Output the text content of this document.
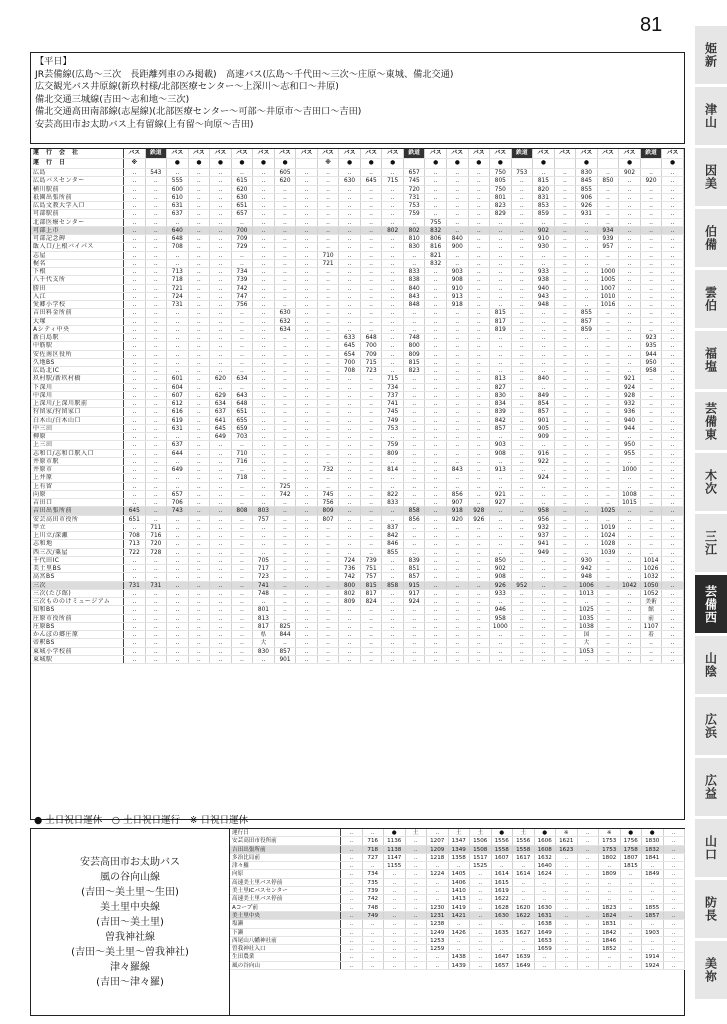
81
【平日】
JR芸備線(広島～三次　長距離列車のみ掲載)　高速バス(広島～千代田～三次～庄原～東城、備北交通)
広交観光バス井原線(新玖村様/北部医療センター～上深川～志和口～井原)
備北交通三城線(吉田～志和地～三次)
備北交通高田南部線(志屋線)(北部医療センター～可部～井原市～吉田口～吉田)
安芸高田市お太助バス上有留線(上有留～向原～吉田)
姫新
津山
因美
伯備
雲伯
福塩
芸備東
木次
三江
芸備西
山陰
広浜
広益
山口
防長
美祢
運　行　会　社	バス	鉄道	バス	バス	バス	バス	バス	バス	バス	バス	バス	バス	バス	鉄道	バス	バス	バス	バス	鉄道	バス	バス	バス	バス	バス	鉄道	バス
運　行　日	※	●	●	●	●	●	●	※	●	●	●	●	●	●	●	●	●	●	●
広島	‥	543	‥	‥	‥	‥	‥	605	‥	‥	‥	‥	‥	657	‥	‥	‥	750	753	‥	‥	830	‥	902	‥	‥
広島バスセンター	‥	‥	555	‥	‥	615	‥	620	‥	‥	630	645	715	745	‥	‥	‥	805	‥	815	‥	845	850	‥	920	‥
横川駅前	‥	‥	600	‥	‥	620	‥	‥	‥	‥	‥	‥	‥	720	‥	‥	‥	750	‥	820	‥	855	‥	‥	‥	‥
祇園出張所前	‥	‥	610	‥	‥	630	‥	‥	‥	‥	‥	‥	‥	731	‥	‥	‥	801	‥	831	‥	906	‥	‥	‥	‥
広島文教大学入口	‥	‥	631	‥	‥	651	‥	‥	‥	‥	‥	‥	‥	753	‥	‥	‥	823	‥	853	‥	926	‥	‥	‥	‥
可部駅前	‥	‥	637	‥	‥	657	‥	‥	‥	‥	‥	‥	‥	759	‥	‥	‥	829	‥	859	‥	931	‥	‥	‥	‥
北部医療センター	‥	‥	‥	‥	‥	‥	‥	‥	‥	‥	‥	‥	‥	‥	755	‥	‥	‥	‥	‥	‥	‥	‥	‥	‥	‥
可部上市	‥	‥	640	‥	‥	700	‥	‥	‥	‥	‥	‥	802	802	832	‥	‥	‥	‥	902	‥	‥	934	‥	‥	‥
可部記念碑	‥	‥	648	‥	‥	709	‥	‥	‥	‥	‥	‥	‥	810	806	840	‥	‥	‥	910	‥	‥	939	‥	‥	‥
飯入口/上根バイパス	‥	‥	708	‥	‥	729	‥	‥	‥	‥	‥	‥	‥	830	816	900	‥	‥	‥	930	‥	‥	957	‥	‥	‥
志屋	‥	‥	‥	‥	‥	‥	‥	‥	‥	710	‥	‥	‥	‥	821	‥	‥	‥	‥	‥	‥	‥	‥	‥	‥	‥
梶名	‥	‥	‥	‥	‥	‥	‥	‥	‥	721	‥	‥	‥	‥	832	‥	‥	‥	‥	‥	‥	‥	‥	‥	‥	‥
下根	‥	‥	713	‥	‥	734	‥	‥	‥	‥	‥	‥	‥	833	‥	903	‥	‥	‥	933	‥	‥	1000	‥	‥	‥
八千代支所	‥	‥	718	‥	‥	739	‥	‥	‥	‥	‥	‥	‥	838	‥	908	‥	‥	‥	938	‥	‥	1005	‥	‥	‥
勝田	‥	‥	721	‥	‥	742	‥	‥	‥	‥	‥	‥	‥	840	‥	910	‥	‥	‥	940	‥	‥	1007	‥	‥	‥
入江	‥	‥	724	‥	‥	747	‥	‥	‥	‥	‥	‥	‥	843	‥	913	‥	‥	‥	943	‥	‥	1010	‥	‥	‥
愛郷小学校	‥	‥	731	‥	‥	756	‥	‥	‥	‥	‥	‥	‥	848	‥	918	‥	‥	‥	948	‥	‥	1016	‥	‥	‥
吉田料金所前	‥	‥	‥	‥	‥	‥	‥	630	‥	‥	‥	‥	‥	‥	‥	‥	‥	815	‥	‥	‥	855	‥	‥	‥	‥
大塚	‥	‥	‥	‥	‥	‥	‥	632	‥	‥	‥	‥	‥	‥	‥	‥	‥	817	‥	‥	‥	857	‥	‥	‥	‥
Aシティ中央	‥	‥	‥	‥	‥	‥	‥	634	‥	‥	‥	‥	‥	‥	‥	‥	‥	819	‥	‥	‥	859	‥	‥	‥	‥
新白島駅	‥	‥	‥	‥	‥	‥	‥	‥	‥	‥	633	648	‥	748	‥	‥	‥	‥	‥	‥	‥	‥	‥	‥	923	‥
中筋駅	‥	‥	‥	‥	‥	‥	‥	‥	‥	‥	645	700	‥	800	‥	‥	‥	‥	‥	‥	‥	‥	‥	‥	935	‥
安佐南区役所	‥	‥	‥	‥	‥	‥	‥	‥	‥	‥	654	709	‥	809	‥	‥	‥	‥	‥	‥	‥	‥	‥	‥	944	‥
久地BS	‥	‥	‥	‥	‥	‥	‥	‥	‥	‥	700	715	‥	815	‥	‥	‥	‥	‥	‥	‥	‥	‥	‥	950	‥
広島北IC	‥	‥	‥	‥	‥	‥	‥	‥	‥	‥	708	723	‥	823	‥	‥	‥	‥	‥	‥	‥	‥	‥	‥	958	‥
玖村駅/新玖村橋	‥	‥	601	‥	620	634	‥	‥	‥	‥	‥	‥	715	‥	‥	‥	‥	813	‥	840	‥	‥	‥	921	‥	‥
下深川	‥	‥	604	‥	‥	‥	‥	‥	‥	‥	‥	‥	734	‥	‥	‥	‥	827	‥	‥	‥	‥	‥	924	‥	‥
中深川	‥	‥	607	‥	629	643	‥	‥	‥	‥	‥	‥	737	‥	‥	‥	‥	830	‥	849	‥	‥	‥	928	‥	‥
上深川/上深川駅前	‥	‥	612	‥	634	648	‥	‥	‥	‥	‥	‥	741	‥	‥	‥	‥	834	‥	854	‥	‥	‥	932	‥	‥
狩留家/狩留家口	‥	‥	616	‥	637	651	‥	‥	‥	‥	‥	‥	745	‥	‥	‥	‥	839	‥	857	‥	‥	‥	936	‥	‥
白木山/白木山口	‥	‥	619	‥	641	655	‥	‥	‥	‥	‥	‥	749	‥	‥	‥	‥	842	‥	901	‥	‥	‥	940	‥	‥
中三田	‥	‥	631	‥	645	659	‥	‥	‥	‥	‥	‥	753	‥	‥	‥	‥	857	‥	905	‥	‥	‥	944	‥	‥
柳原	‥	‥	‥	‥	649	703	‥	‥	‥	‥	‥	‥	‥	‥	‥	‥	‥	‥	‥	909	‥	‥	‥	‥	‥	‥
上三田	‥	‥	637	‥	‥	‥	‥	‥	‥	‥	‥	‥	759	‥	‥	‥	‥	903	‥	‥	‥	‥	‥	950	‥	‥
志和口/志和口駅入口	‥	‥	644	‥	‥	710	‥	‥	‥	‥	‥	‥	809	‥	‥	‥	‥	908	‥	916	‥	‥	‥	955	‥	‥
井原市駅	‥	‥	‥	‥	‥	716	‥	‥	‥	‥	‥	‥	‥	‥	‥	‥	‥	‥	‥	922	‥	‥	‥	‥	‥	‥
井原市	‥	‥	649	‥	‥	‥	‥	‥	‥	732	‥	‥	814	‥	‥	843	‥	913	‥	‥	‥	‥	‥	1000	‥	‥
上井原	‥	‥	‥	‥	‥	718	‥	‥	‥	‥	‥	‥	‥	‥	‥	‥	‥	‥	‥	924	‥	‥	‥	‥	‥	‥
上有留	‥	‥	‥	‥	‥	‥	‥	725	‥	‥	‥	‥	‥	‥	‥	‥	‥	‥	‥	‥	‥	‥	‥	‥	‥	‥
向原	‥	‥	657	‥	‥	‥	‥	742	‥	745	‥	‥	822	‥	‥	856	‥	921	‥	‥	‥	‥	‥	1008	‥	‥
吉田口	‥	‥	706	‥	‥	‥	‥	‥	‥	756	‥	‥	833	‥	‥	907	‥	927	‥	‥	‥	‥	‥	1015	‥	‥
吉田出張所前	645	‥	743	‥	‥	808	803	‥	‥	809	‥	‥	‥	858	‥	918	928	‥	‥	958	‥	‥	1025	‥	‥	‥
安芸高田市役所	651	‥	‥	‥	‥	‥	757	‥	‥	807	‥	‥	‥	856	‥	920	926	‥	‥	956	‥	‥	‥	‥	‥	‥
甲立	‥	711	‥	‥	‥	‥	‥	‥	‥	‥	‥	‥	837	‥	‥	‥	‥	‥	‥	932	‥	‥	1019	‥	‥	‥
上川立/深瀬	708	716	‥	‥	‥	‥	‥	‥	‥	‥	‥	‥	842	‥	‥	‥	‥	‥	‥	937	‥	‥	1024	‥	‥	‥
志和地	713	720	‥	‥	‥	‥	‥	‥	‥	‥	‥	‥	846	‥	‥	‥	‥	‥	‥	941	‥	‥	1028	‥	‥	‥
西三次/粟屋	722	728	‥	‥	‥	‥	‥	‥	‥	‥	‥	‥	855	‥	‥	‥	‥	‥	‥	949	‥	‥	1039	‥	‥	‥
千代田IC	‥	‥	‥	‥	‥	‥	705	‥	‥	‥	724	739	‥	839	‥	‥	‥	850	‥	‥	‥	930	‥	‥	1014	‥
美土里BS	‥	‥	‥	‥	‥	‥	717	‥	‥	‥	736	751	‥	851	‥	‥	‥	902	‥	‥	‥	942	‥	‥	1026	‥
高宮BS	‥	‥	‥	‥	‥	‥	723	‥	‥	‥	742	757	‥	857	‥	‥	‥	908	‥	‥	‥	948	‥	‥	1032	‥
三次	731	731	‥	‥	‥	‥	741	‥	‥	‥	800	815	858	915	‥	‥	‥	926	952	‥	‥	1006	‥	1042	1050	‥
三次(たび館)	‥	‥	‥	‥	‥	‥	748	‥	‥	‥	802	817	‥	917	‥	‥	‥	933	‥	‥	‥	1013	‥	‥	1052	‥
三次もののけミュージアム	‥	‥	‥	‥	‥	‥	‥	‥	‥	‥	809	824	‥	924	‥	‥	‥	‥	‥	‥	‥	‥	‥	‥	美術	‥
知和BS	‥	‥	‥	‥	‥	‥	801	‥	‥	‥	‥	‥	‥	‥	‥	‥	‥	946	‥	‥	‥	1025	‥	‥	館	‥
庄原市役所前	‥	‥	‥	‥	‥	‥	813	‥	‥	‥	‥	‥	‥	‥	‥	‥	‥	958	‥	‥	‥	1035	‥	‥	前	‥
庄原BS	‥	‥	‥	‥	‥	‥	817	825	‥	‥	‥	‥	‥	‥	‥	‥	‥	1000	‥	‥	‥	1038	‥	‥	1107	‥
かんぽの郷庄原	‥	‥	‥	‥	‥	‥	県	844	‥	‥	‥	‥	‥	‥	‥	‥	‥	‥	‥	‥	‥	国	‥	‥	着	‥
帝釈BS	‥	‥	‥	‥	‥	‥	大	‥	‥	‥	‥	‥	‥	‥	‥	‥	‥	‥	‥	‥	‥	大	‥	‥	‥	‥
東城小学校前	‥	‥	‥	‥	‥	‥	830	857	‥	‥	‥	‥	‥	‥	‥	‥	‥	‥	‥	‥	‥	1053	‥	‥	‥	‥
東城駅	‥	‥	‥	‥	‥	‥	‥	901	‥	‥	‥	‥	‥	‥	‥	‥	‥	‥	‥	‥	‥	‥	‥	‥	‥	‥
● 土日祝日運休　○ 土日祝日運行　※ 日祝日運休
安芸高田市お太助バス
風の谷向山線
(吉田～美土里～生田)
美土里中央線
(吉田～美土里)
曽我神社線
(吉田～美土里～曽我神社)
津々羅線
(吉田～津々羅)
運行日	‥	‥	●	土	‥	土	土	●	土	●	※	‥	※	●	●	‥
安芸高田市役所前	‥	716	1136	‥	1207	1347	1506	1556	1556	1606	1621	‥	1753	1756	1830	‥
吉田出張所前	‥	718	1138	‥	1209	1349	1508	1558	1558	1608	1623	‥	1753	1758	1832	‥
多治比局前	‥	727	1147	‥	1218	1358	1517	1607	1617	1632	‥	‥	1802	1807	1841	‥
津々羅	‥	‥	1155	‥	‥	‥	1525	‥	‥	1640	‥	‥	‥	1815	‥	‥
向原	‥	734	‥	‥	1224	1405	‥	1614	1614	1624	‥	‥	1809	‥	1849	‥
高速美土里バス停前	‥	735	‥	‥	‥	1406	‥	1615	‥	‥	‥	‥	‥	‥	‥	‥
美土里ICバスセンター	‥	739	‥	‥	‥	1410	‥	1619	‥	‥	‥	‥	‥	‥	‥	‥
高速美土里バス停前	‥	742	‥	‥	‥	1413	‥	1622	‥	‥	‥	‥	‥	‥	‥	‥
Aコープ前	‥	748	‥	‥	1230	1419	‥	1628	1620	1630	‥	‥	1823	‥	1855	‥
美土里中央	‥	749	‥	‥	1231	1421	‥	1630	1622	1631	‥	‥	1824	‥	1857	‥
塩瀬	‥	‥	‥	‥	1238	‥	‥	‥	‥	1638	‥	‥	1831	‥	‥	‥
下瀬	‥	‥	‥	‥	1249	1426	‥	1635	1627	1649	‥	‥	1842	‥	1903	‥
西尾山八幡神社前	‥	‥	‥	‥	1253	‥	‥	‥	‥	1653	‥	‥	1846	‥	‥	‥
曽我神社入口	‥	‥	‥	‥	1259	‥	‥	‥	‥	1659	‥	‥	1852	‥	‥	‥
生田農業	‥	‥	‥	‥	‥	1438	‥	1647	1639	‥	‥	‥	‥	‥	1914	‥
風の谷向山	‥	‥	‥	‥	‥	1439	‥	1657	1649	‥	‥	‥	‥	‥	1924	‥
